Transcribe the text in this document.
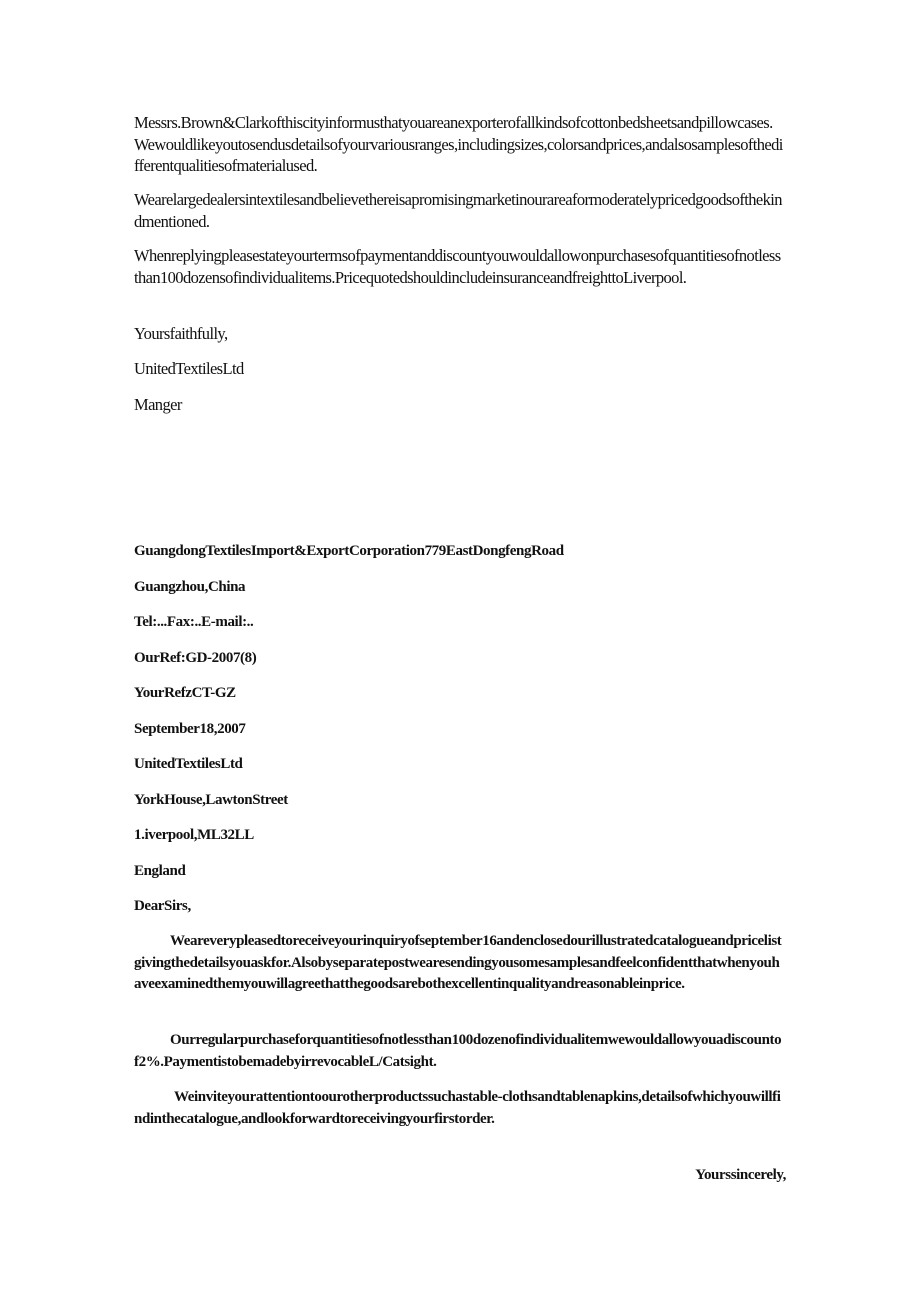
Messrs.Brown&Clarkofthiscityinformusthatyouareanexporterofallkindsofcottonbedsheetsandpillowcases.Wewouldlikeyoutosendusdetailsofyourvariousranges,includingsizes,colorsandprices,andalsosamplesofthedifferentqualitiesofmaterialused.

Wearelargedealersintextilesandbelievethereisapromisingmarketinourareaformoderatelypricedgoodsofthekindmentioned.

Whenreplyingpleasestateyourtermsofpaymentanddiscountyouwouldallowonpurchasesofquantitiesofnotlessthan100dozensofindividualitems.PricequotedshouldincludeinsuranceandfreighttoLiverpool.

Yoursfaithfully,

UnitedTextilesLtd

Manger

GuangdongTextilesImport&ExportCorporation779EastDongfengRoad

Guangzhou,China

Tel:...Fax:..E-mail:..

OurRef:GD-2007(8)

YourRefzCT-GZ

September18,2007

UnitedTextilesLtd

YorkHouse,LawtonStreet

1.iverpool,ML32LL

England

DearSirs,

Weareverypleasedtoreceiveyourinquiryofseptember16andenclosedourillustratedcataloguea​ndpricelistgivingthedetailsyouaskfor.Alsobyseparatepostwearesendingyousomesamplesandfeelconfidentthatwhenyouhaveexaminedthemyouwillagreethatthegoodsarebothexcellentinqualityandreasonableinprice.

Ourregularpurchaseforquantitiesofnotlessthan100dozenofindividualitemwewouldallowyouadiscountof2%.PaymentistobemadebyirrevocableL/Catsight.

Weinviteyourattentiontoourotherproductssuchastable-clothsandtablenapkins,detailsofwhichyouwillfindinthecatalogue,andlookforwardtoreceivingyourfirstorder.

Yourssincerely,
